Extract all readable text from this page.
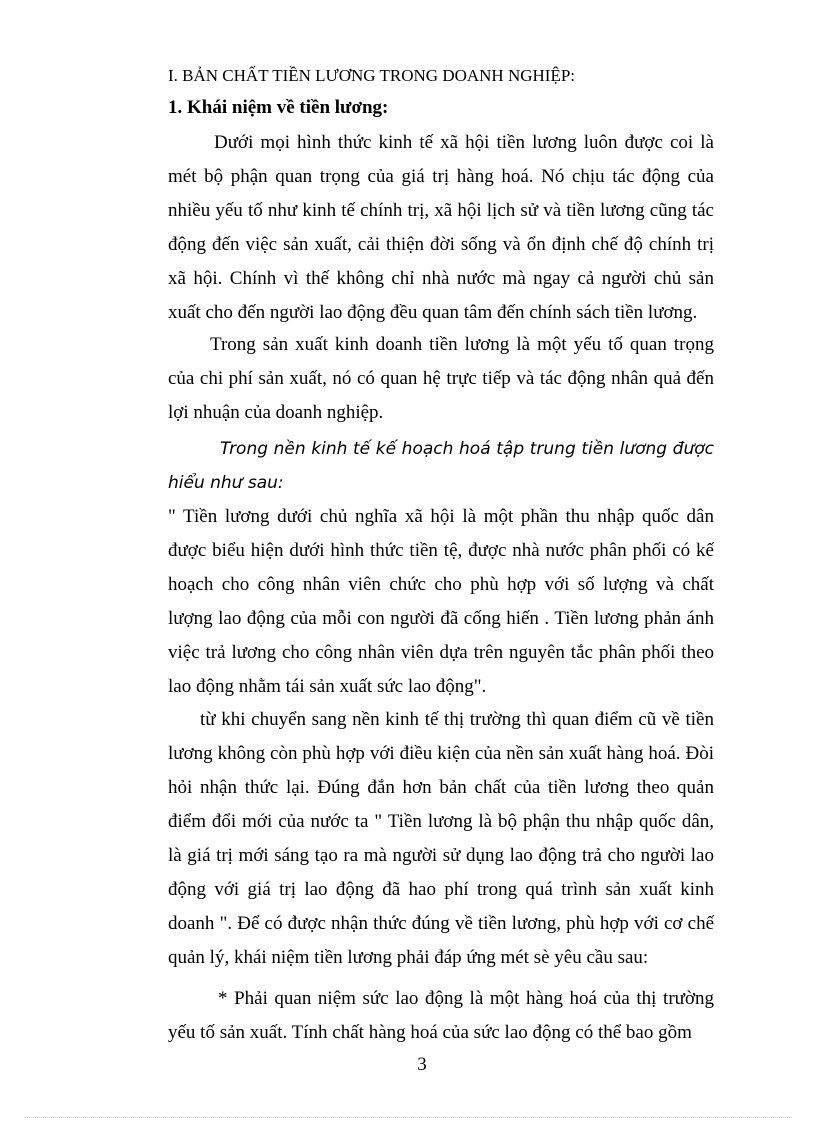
I. BẢN CHẤT TIỀN LƯƠNG TRONG DOANH NGHIỆP:
1. Khái niệm về tiền lương:

Dưới mọi hình thức kinh tế xã hội tiền lương luôn được coi là mét bộ phận quan trọng của giá trị hàng hoá. Nó chịu tác động của nhiều yếu tố như kinh tế chính trị, xã hội lịch sử và tiền lương cũng tác động đến việc sản xuất, cải thiện đời sống và ổn định chế độ chính trị xã hội. Chính vì thế không chỉ nhà nước mà ngay cả người chủ sản xuất cho đến người lao động đều quan tâm đến chính sách tiền lương.

Trong sản xuất kinh doanh tiền lương là một yếu tố quan trọng của chi phí sản xuất, nó có quan hệ trực tiếp và tác động nhân quả đến lợi nhuận của doanh nghiệp.

Trong nền kinh tế kế hoạch hoá tập trung tiền lương được hiểu như sau:

" Tiền lương dưới chủ nghĩa xã hội là một phần thu nhập quốc dân được biểu hiện dưới hình thức tiền tệ, được nhà nước phân phối có kế hoạch cho công nhân viên chức cho phù hợp với số lượng và chất lượng lao động của mỗi con người đã cống hiến . Tiền lương phản ánh việc trả lương cho công nhân viên dựa trên nguyên tắc phân phối theo lao động nhằm tái sản xuất sức lao động".

từ khi chuyển sang nền kinh tế thị trường thì quan điểm cũ về tiền lương không còn phù hợp với điều kiện của nền sản xuất hàng hoá. Đòi hỏi nhận thức lại. Đúng đắn hơn bản chất của tiền lương theo quản điểm đổi mới của nước ta " Tiền lương là bộ phận thu nhập quốc dân, là giá trị mới sáng tạo ra mà người sử dụng lao động trả cho người lao động với giá trị lao động đã hao phí trong quá trình sản xuất kinh doanh ". Để có được nhận thức đúng về tiền lương, phù hợp với cơ chế quản lý, khái niệm tiền lương phải đáp ứng mét sè yêu cầu sau:

* Phải quan niệm sức lao động là một hàng hoá của thị trường yếu tố sản xuất. Tính chất hàng hoá của sức lao động có thể bao gồm

3
